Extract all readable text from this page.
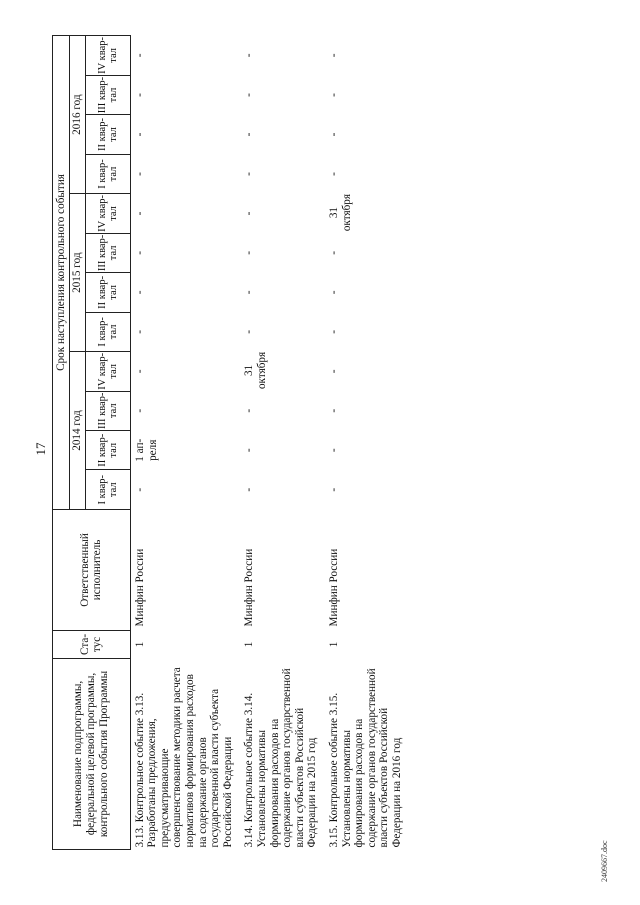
17
Наименование подпрограммы, федеральной целевой программы, контрольного события Программы	Ста-тус	Ответственный исполнитель	Срок наступления контрольного события											
			2014 год				2015 год				2016 год			
			I квар-тал	II квар-тал	III квар-тал	IV квар-тал	I квар-тал	II квар-тал	III квар-тал	IV квар-тал	I квар-тал	II квар-тал	III квар-тал	IV квар-тал
3.13. Контрольное событие 3.13. Разработаны предложения, предусматривающие совершенствование методики расчета нормативов формирования расходов на содержание органов государственной власти субъекта Российской Федерации	1	Минфин России	-	1 ап-реля	-	-	-	-	-	-	-	-	-	-
3.14. Контрольное событие 3.14. Установлены нормативы формирования расходов на содержание органов государственной власти субъектов Российской Федерации на 2015 год	1	Минфин России	-	-	-	31 октября	-	-	-	-	-	-	-	-
3.15. Контрольное событие 3.15. Установлены нормативы формирования расходов на содержание органов государственной власти субъектов Российской Федерации на 2016 год	1	Минфин России	-	-	-	-	-	-	-	31 октября	-	-	-	-
2409667.doc
